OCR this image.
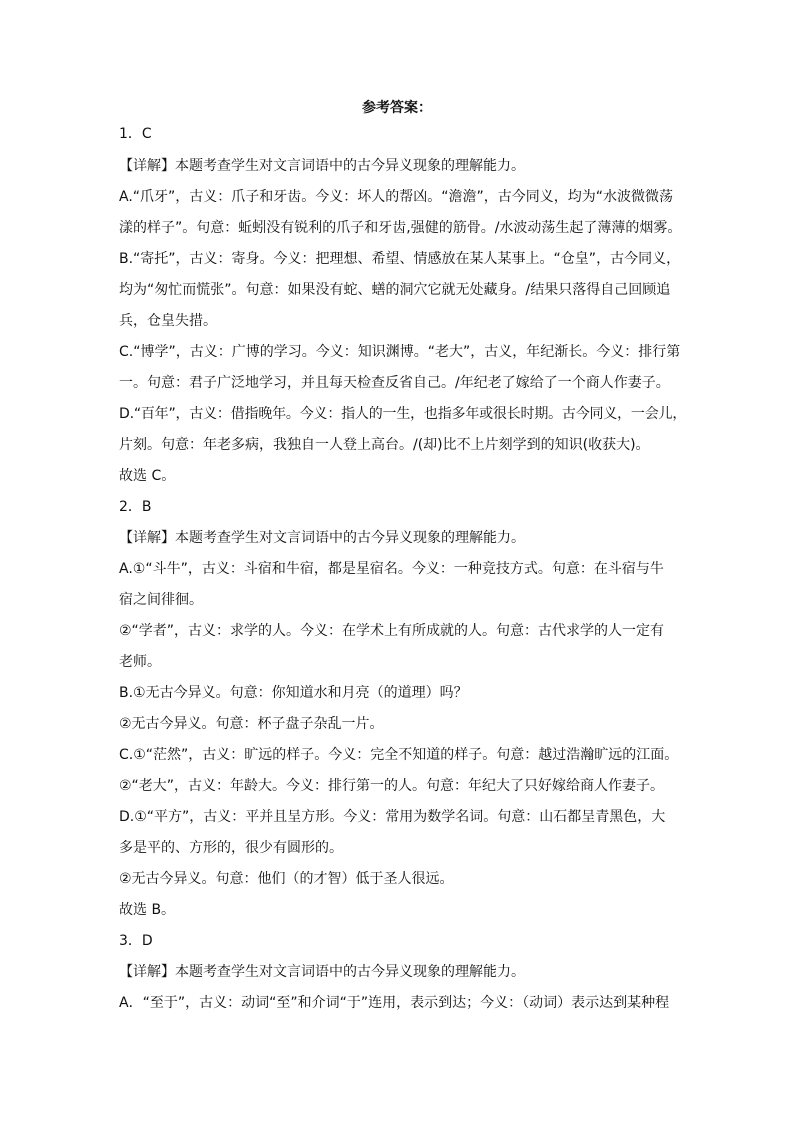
参考答案：
1．C
【详解】本题考查学生对文言词语中的古今异义现象的理解能力。
A.“爪牙”，古义：爪子和牙齿。今义：坏人的帮凶。“澹澹”，古今同义，均为“水波微微荡
漾的样子”。句意：蚯蚓没有锐利的爪子和牙齿,强健的筋骨。/水波动荡生起了薄薄的烟雾。
B.“寄托”，古义：寄身。今义：把理想、希望、情感放在某人某事上。“仓皇”，古今同义，
均为“匆忙而慌张”。句意：如果没有蛇、蟮的洞穴它就无处藏身。/结果只落得自己回顾追
兵，仓皇失措。
C.“博学”，古义：广博的学习。今义：知识渊博。“老大”，古义，年纪渐长。今义：排行第
一。句意：君子广泛地学习，并且每天检查反省自己。/年纪老了嫁给了一个商人作妻子。
D.“百年”，古义：借指晚年。今义：指人的一生，也指多年或很长时期。古今同义，一会儿，
片刻。句意：年老多病，我独自一人登上高台。/(却)比不上片刻学到的知识(收获大)。
故选 C。
2．B
【详解】本题考查学生对文言词语中的古今异义现象的理解能力。
A.①“斗牛”，古义：斗宿和牛宿，都是星宿名。今义：一种竞技方式。句意：在斗宿与牛
宿之间徘徊。
②“学者”，古义：求学的人。今义：在学术上有所成就的人。句意：古代求学的人一定有
老师。
B.①无古今异义。句意：你知道水和月亮（的道理）吗？
②无古今异义。句意：杯子盘子杂乱一片。
C.①“茫然”，古义：旷远的样子。今义：完全不知道的样子。句意：越过浩瀚旷远的江面。
②“老大”，古义：年龄大。今义：排行第一的人。句意：年纪大了只好嫁给商人作妻子。
D.①“平方”，古义：平并且呈方形。今义：常用为数学名词。句意：山石都呈青黑色，大
多是平的、方形的，很少有圆形的。
②无古今异义。句意：他们（的才智）低于圣人很远。
故选 B。
3．D
【详解】本题考查学生对文言词语中的古今异义现象的理解能力。
A．“至于”，古义：动词“至”和介词“于”连用，表示到达；今义：（动词）表示达到某种程
